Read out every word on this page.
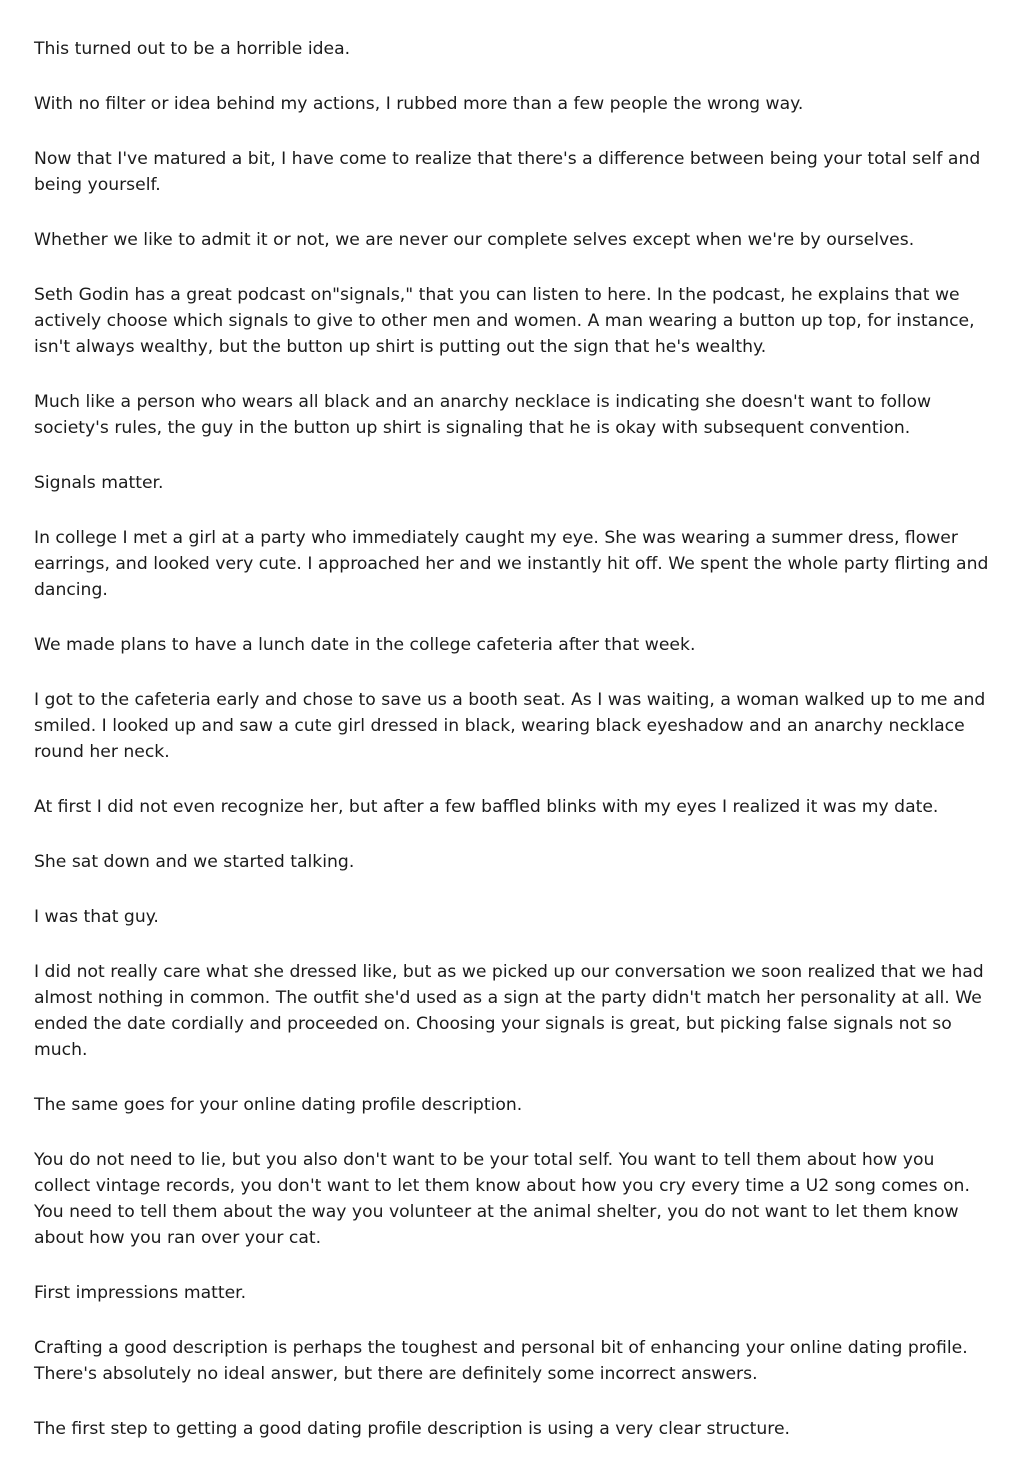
This turned out to be a horrible idea.

With no filter or idea behind my actions, I rubbed more than a few people the wrong way.

Now that I've matured a bit, I have come to realize that there's a difference between being your total self and being yourself.

Whether we like to admit it or not, we are never our complete selves except when we're by ourselves.

Seth Godin has a great podcast on"signals," that you can listen to here. In the podcast, he explains that we actively choose which signals to give to other men and women. A man wearing a button up top, for instance, isn't always wealthy, but the button up shirt is putting out the sign that he's wealthy.

Much like a person who wears all black and an anarchy necklace is indicating she doesn't want to follow society's rules, the guy in the button up shirt is signaling that he is okay with subsequent convention.

Signals matter.

In college I met a girl at a party who immediately caught my eye. She was wearing a summer dress, flower earrings, and looked very cute. I approached her and we instantly hit off. We spent the whole party flirting and dancing.

We made plans to have a lunch date in the college cafeteria after that week.

I got to the cafeteria early and chose to save us a booth seat. As I was waiting, a woman walked up to me and smiled. I looked up and saw a cute girl dressed in black, wearing black eyeshadow and an anarchy necklace round her neck.

At first I did not even recognize her, but after a few baffled blinks with my eyes I realized it was my date.

She sat down and we started talking.

I was that guy.

I did not really care what she dressed like, but as we picked up our conversation we soon realized that we had almost nothing in common. The outfit she'd used as a sign at the party didn't match her personality at all. We ended the date cordially and proceeded on. Choosing your signals is great, but picking false signals not so much.

The same goes for your online dating profile description.

You do not need to lie, but you also don't want to be your total self. You want to tell them about how you collect vintage records, you don't want to let them know about how you cry every time a U2 song comes on. You need to tell them about the way you volunteer at the animal shelter, you do not want to let them know about how you ran over your cat.

First impressions matter.

Crafting a good description is perhaps the toughest and personal bit of enhancing your online dating profile. There's absolutely no ideal answer, but there are definitely some incorrect answers.

The first step to getting a good dating profile description is using a very clear structure.
